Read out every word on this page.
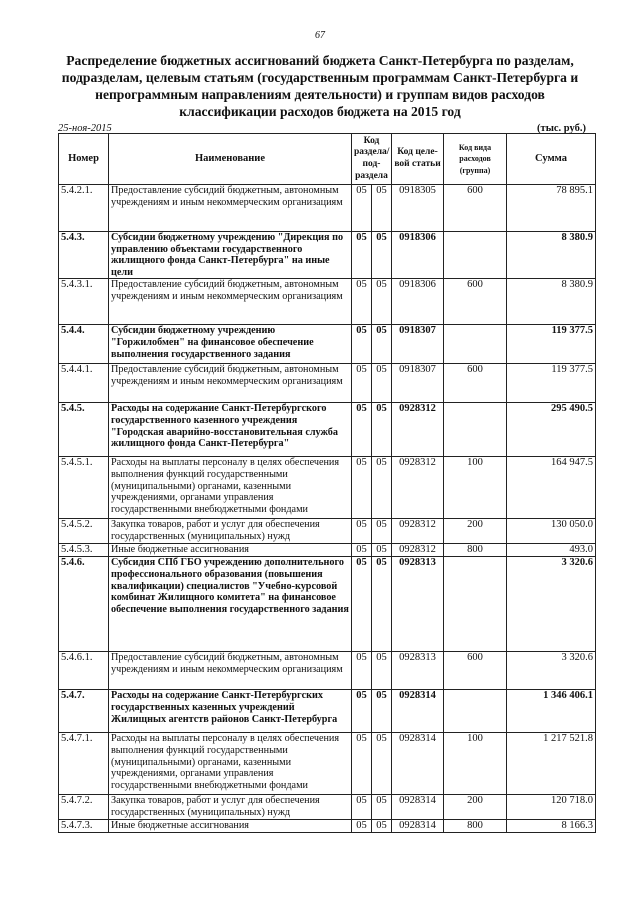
67
Распределение бюджетных ассигнований бюджета Санкт-Петербурга по разделам, подразделам, целевым статьям (государственным программам Санкт-Петербурга и непрограммным направлениям деятельности) и группам видов расходов классификации расходов бюджета на 2015 год
25-ноя-2015	(тыс. руб.)
Номер	Наименование	Код раздела/ под- раздела		Код целе- вой статьи	Код вида расходов (группа)	Сумма
5.4.2.1.	Предоставление субсидий бюджетным, автономным учреждениям и иным некоммерческим организациям	05	05	0918305	600	78 895.1
5.4.3.	Субсидии бюджетному учреждению "Дирекция по управлению объектами государственного жилищного фонда Санкт-Петербурга" на иные цели	05	05	0918306		8 380.9
5.4.3.1.	Предоставление субсидий бюджетным, автономным учреждениям и иным некоммерческим организациям	05	05	0918306	600	8 380.9
5.4.4.	Субсидии бюджетному учреждению "Горжилобмен" на финансовое обеспечение выполнения государственного задания	05	05	0918307		119 377.5
5.4.4.1.	Предоставление субсидий бюджетным, автономным учреждениям и иным некоммерческим организациям	05	05	0918307	600	119 377.5
5.4.5.	Расходы на содержание Санкт-Петербургского государственного казенного учреждения "Городская аварийно-восстановительная служба жилищного фонда Санкт-Петербурга"	05	05	0928312		295 490.5
5.4.5.1.	Расходы на выплаты персоналу в целях обеспечения выполнения функций государственными (муниципальными) органами, казенными учреждениями, органами управления государственными внебюджетными фондами	05	05	0928312	100	164 947.5
5.4.5.2.	Закупка товаров, работ и услуг для обеспечения государственных (муниципальных) нужд	05	05	0928312	200	130 050.0
5.4.5.3.	Иные бюджетные ассигнования	05	05	0928312	800	493.0
5.4.6.	Субсидия СПб ГБО учреждению дополнительного профессионального образования (повышения квалификации) специалистов "Учебно-курсовой комбинат Жилищного комитета" на финансовое обеспечение выполнения государственного задания	05	05	0928313		3 320.6
5.4.6.1.	Предоставление субсидий бюджетным, автономным учреждениям и иным некоммерческим организациям	05	05	0928313	600	3 320.6
5.4.7.	Расходы на содержание Санкт-Петербургских государственных казенных учреждений Жилищных агентств районов Санкт-Петербурга	05	05	0928314		1 346 406.1
5.4.7.1.	Расходы на выплаты персоналу в целях обеспечения выполнения функций государственными (муниципальными) органами, казенными учреждениями, органами управления государственными внебюджетными фондами	05	05	0928314	100	1 217 521.8
5.4.7.2.	Закупка товаров, работ и услуг для обеспечения государственных (муниципальных) нужд	05	05	0928314	200	120 718.0
5.4.7.3.	Иные бюджетные ассигнования	05	05	0928314	800	8 166.3
